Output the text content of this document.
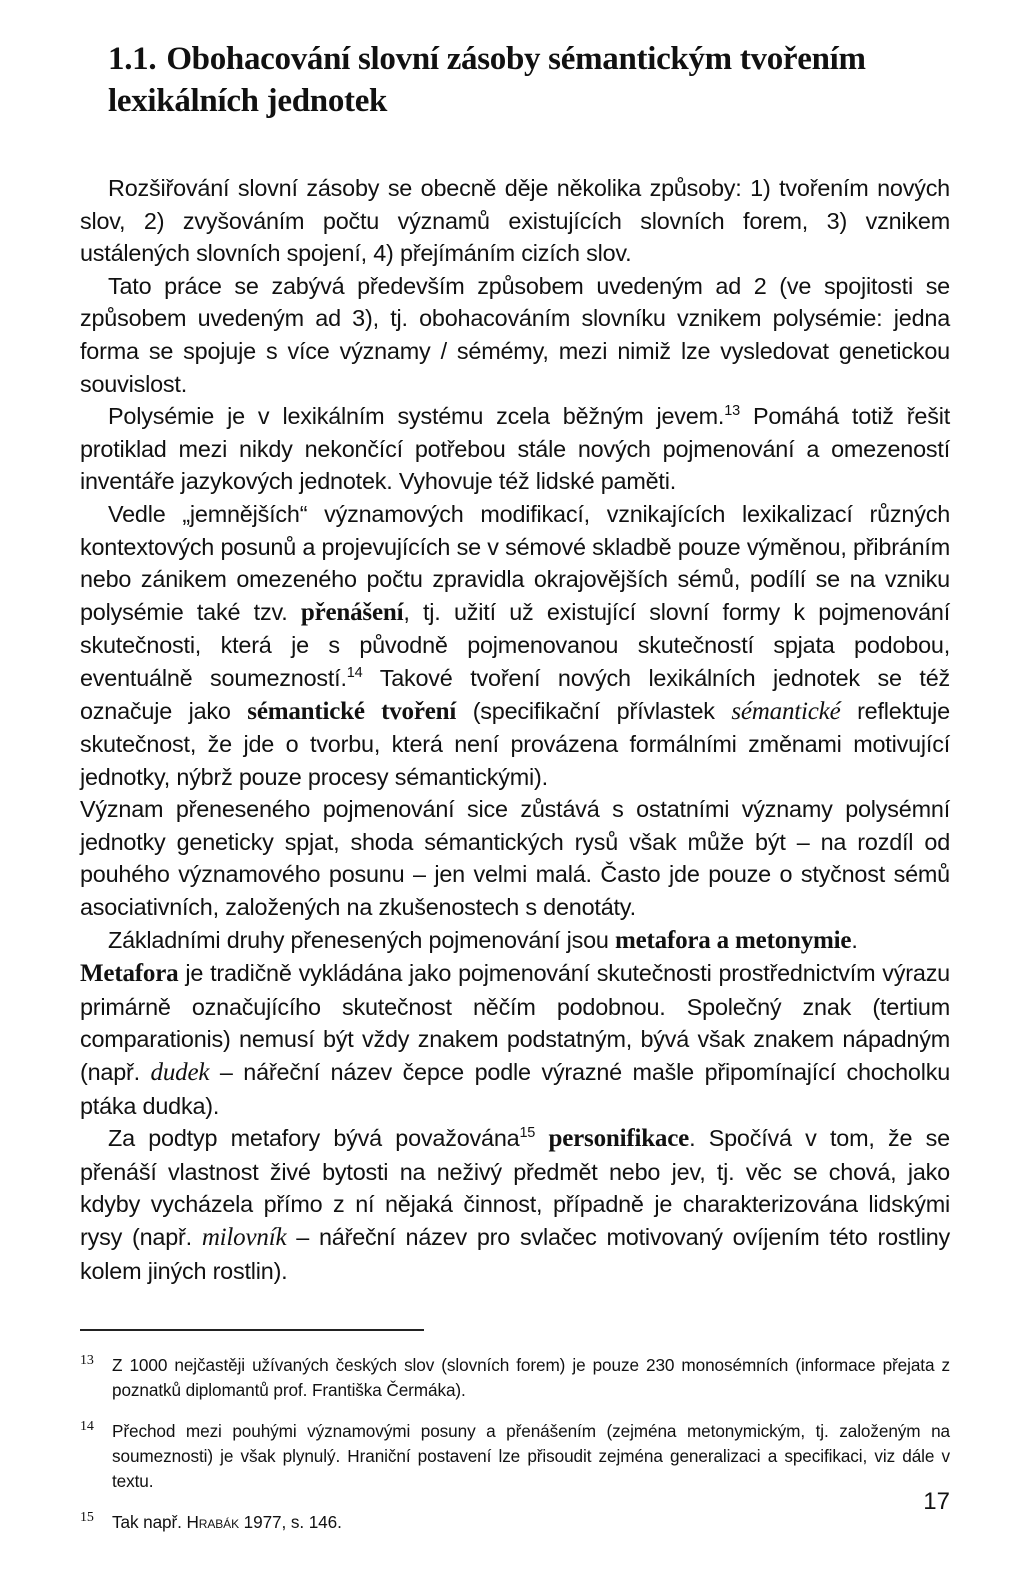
1.1. Obohacování slovní zásoby sémantickým tvořením
lexikálních jednotek

Rozšiřování slovní zásoby se obecně děje několika způsoby: 1) tvořením nových slov, 2) zvyšováním počtu významů existujících slovních forem, 3) vznikem ustálených slovních spojení, 4) přejímáním cizích slov.

Tato práce se zabývá především způsobem uvedeným ad 2 (ve spojitosti se způsobem uvedeným ad 3), tj. obohacováním slovníku vznikem polysémie: jedna forma se spojuje s více významy / sémémy, mezi nimiž lze vysledovat genetickou souvislost.

Polysémie je v lexikálním systému zcela běžným jevem.$^{13}$ Pomáhá totiž řešit protiklad mezi nikdy nekončící potřebou stále nových pojmenování a omezeností inventáře jazykových jednotek. Vyhovuje též lidské paměti.

Vedle „jemnějších“ významových modifikací, vznikajících lexikalizací různých kontextových posunů a projevujících se v sémové skladbě pouze výměnou, přibráním nebo zánikem omezeného počtu zpravidla okrajovějších sémů, podílí se na vzniku polysémie také tzv. přenášení, tj. užití už existující slovní formy k pojmenování skutečnosti, která je s původně pojmenovanou skutečností spjata podobou, eventuálně soumezností.$^{14}$ Takové tvoření nových lexikálních jednotek se též označuje jako sémantické tvoření (specifikační přívlastek sémantické reflektuje skutečnost, že jde o tvorbu, která není provázena formálními změnami motivující jednotky, nýbrž pouze procesy sémantickými).

Význam přeneseného pojmenování sice zůstává s ostatními významy polysémní jednotky geneticky spjat, shoda sémantických rysů však může být – na rozdíl od pouhého významového posunu – jen velmi malá. Často jde pouze o styčnost sémů asociativních, založených na zkušenostech s denotáty.

Základními druhy přenesených pojmenování jsou metafora a metonymie.

Metafora je tradičně vykládána jako pojmenování skutečnosti prostřednictvím výrazu primárně označujícího skutečnost něčím podobnou. Společný znak (tertium comparationis) nemusí být vždy znakem podstatným, bývá však znakem nápadným (např. dudek – nářeční název čepce podle výrazné mašle připomínající chocholku ptáka dudka).

Za podtyp metafory bývá považována$^{15}$ personifikace. Spočívá v tom, že se přenáší vlastnost živé bytosti na neživý předmět nebo jev, tj. věc se chová, jako kdyby vycházela přímo z ní nějaká činnost, případně je charakterizována lidskými rysy (např. milovník – nářeční název pro svlačec motivovaný ovíjením této rostliny kolem jiných rostlin).

13 Z 1000 nejčastěji užívaných českých slov (slovních forem) je pouze 230 monosémních (informace přejata z poznatků diplomantů prof. Františka Čermáka).
14 Přechod mezi pouhými významovými posuny a přenášením (zejména metonymickým, tj. založeným na soumeznosti) je však plynulý. Hraniční postavení lze přisoudit zejména generalizaci a specifikaci, viz dále v textu.
15 Tak např. Hrabák 1977, s. 146.
17
